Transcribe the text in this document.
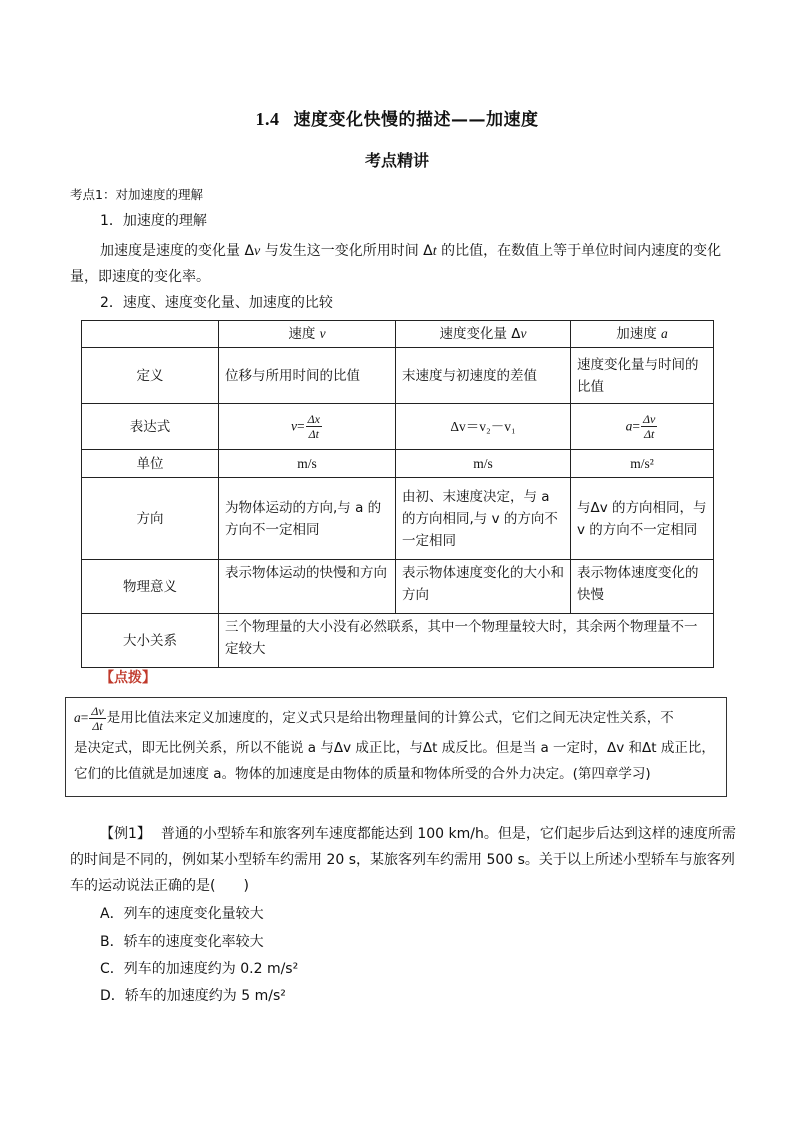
1.4 速度变化快慢的描述——加速度
考点精讲
考点1：对加速度的理解
1．加速度的理解
加速度是速度的变化量 Δv 与发生这一变化所用时间 Δt 的比值，在数值上等于单位时间内速度的变化
量，即速度的变化率。
2．速度、速度变化量、加速度的比较
	速度 v	速度变化量 Δv	加速度 a
定义	位移与所用时间的比值	末速度与初速度的差值	速度变化量与时间的比值
表达式	$v= \frac{\Delta x}{\Delta t}$	Δv＝v₂－v₁	$a= \frac{\Delta v}{\Delta t}$

单位	m/s	m/s	m/s²
方向	为物体运动的方向,与 a 的方向不一定相同	由初、末速度决定，与 a 的方向相同,与 v 的方向不一定相同	与Δv 的方向相同，与 v 的方向不一定相同
物理意义	表示物体运动的快慢和方向	表示物体速度变化的大小和方向	表示物体速度变化的快慢
大小关系	三个物理量的大小没有必然联系，其中一个物理量较大时，其余两个物理量不一定较大		
【点拨】
$a= \frac{\Delta v}{\Delta t}$ 是用比值法来定义加速度的，定义式只是给出物理量间的计算公式，它们之间无决定性关系，不
是决定式，即无比例关系，所以不能说 a 与Δv 成正比，与Δt 成反比。但是当 a 一定时，Δv 和Δt 成正比，
它们的比值就是加速度 a。物体的加速度是由物体的质量和物体所受的合外力决定。(第四章学习)
【例1】 普通的小型轿车和旅客列车速度都能达到 100 km/h。但是，它们起步后达到这样的速度所需
的时间是不同的，例如某小型轿车约需用 20 s，某旅客列车约需用 500 s。关于以上所述小型轿车与旅客列
车的运动说法正确的是(　　)
A．列车的速度变化量较大
B．轿车的速度变化率较大
C．列车的加速度约为 0.2 m/s²
D．轿车的加速度约为 5 m/s²
